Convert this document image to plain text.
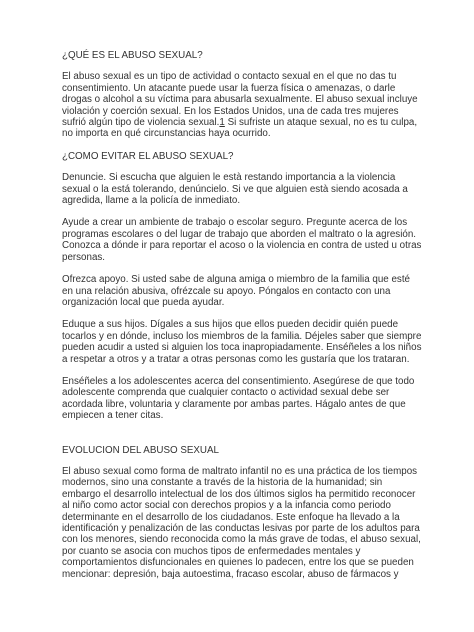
¿QUÉ ES EL ABUSO SEXUAL?
El abuso sexual es un tipo de actividad o contacto sexual en el que no das tu consentimiento. Un atacante puede usar la fuerza física o amenazas, o darle drogas o alcohol a su víctima para abusarla sexualmente. El abuso sexual incluye violación y coerción sexual. En los Estados Unidos, una de cada tres mujeres sufrió algún tipo de violencia sexual.1 Si sufriste un ataque sexual, no es tu culpa, no importa en qué circunstancias haya ocurrido.
¿COMO EVITAR EL ABUSO SEXUAL?
Denuncie. Si escucha que alguien le està restando importancia a la violencia sexual o la está tolerando, denúncielo. Si ve que alguien està siendo acosada a agredida, llame a la policía de inmediato.
Ayude a crear un ambiente de trabajo o escolar seguro. Pregunte acerca de los programas escolares o del lugar de trabajo que aborden el maltrato o la agresión. Conozca a dónde ir para reportar el acoso o la violencia en contra de usted u otras personas.
Ofrezca apoyo. Si usted sabe de alguna amiga o miembro de la familia que esté en una relación abusiva, ofrézcale su apoyo. Póngalos en contacto con una organización local que pueda ayudar.
Eduque a sus hijos. Dígales a sus hijos que ellos pueden decidir quién puede tocarlos y en dónde, incluso los miembros de la familia. Déjeles saber que siempre pueden acudir a usted si alguien los toca inapropiadamente. Enséñeles a los niños a respetar a otros y a tratar a otras personas como les gustaría que los trataran.
Enséñeles a los adolescentes acerca del consentimiento. Asegúrese de que todo adolescente comprenda que cualquier contacto o actividad sexual debe ser acordada libre, voluntaria y claramente por ambas partes. Hágalo antes de que empiecen a tener citas.
EVOLUCION DEL ABUSO SEXUAL
El abuso sexual como forma de maltrato infantil no es una práctica de los tiempos modernos, sino una constante a través de la historia de la humanidad; sin embargo el desarrollo intelectual de los dos últimos siglos ha permitido reconocer al niño como actor social con derechos propios y a la infancia como periodo determinante en el desarrollo de los ciudadanos. Este enfoque ha llevado a la identificación y penalización de las conductas lesivas por parte de los adultos para con los menores, siendo reconocida como la más grave de todas, el abuso sexual, por cuanto se asocia con muchos tipos de enfermedades mentales y comportamientos disfuncionales en quienes lo padecen, entre los que se pueden mencionar: depresión, baja autoestima, fracaso escolar, abuso de fármacos y
